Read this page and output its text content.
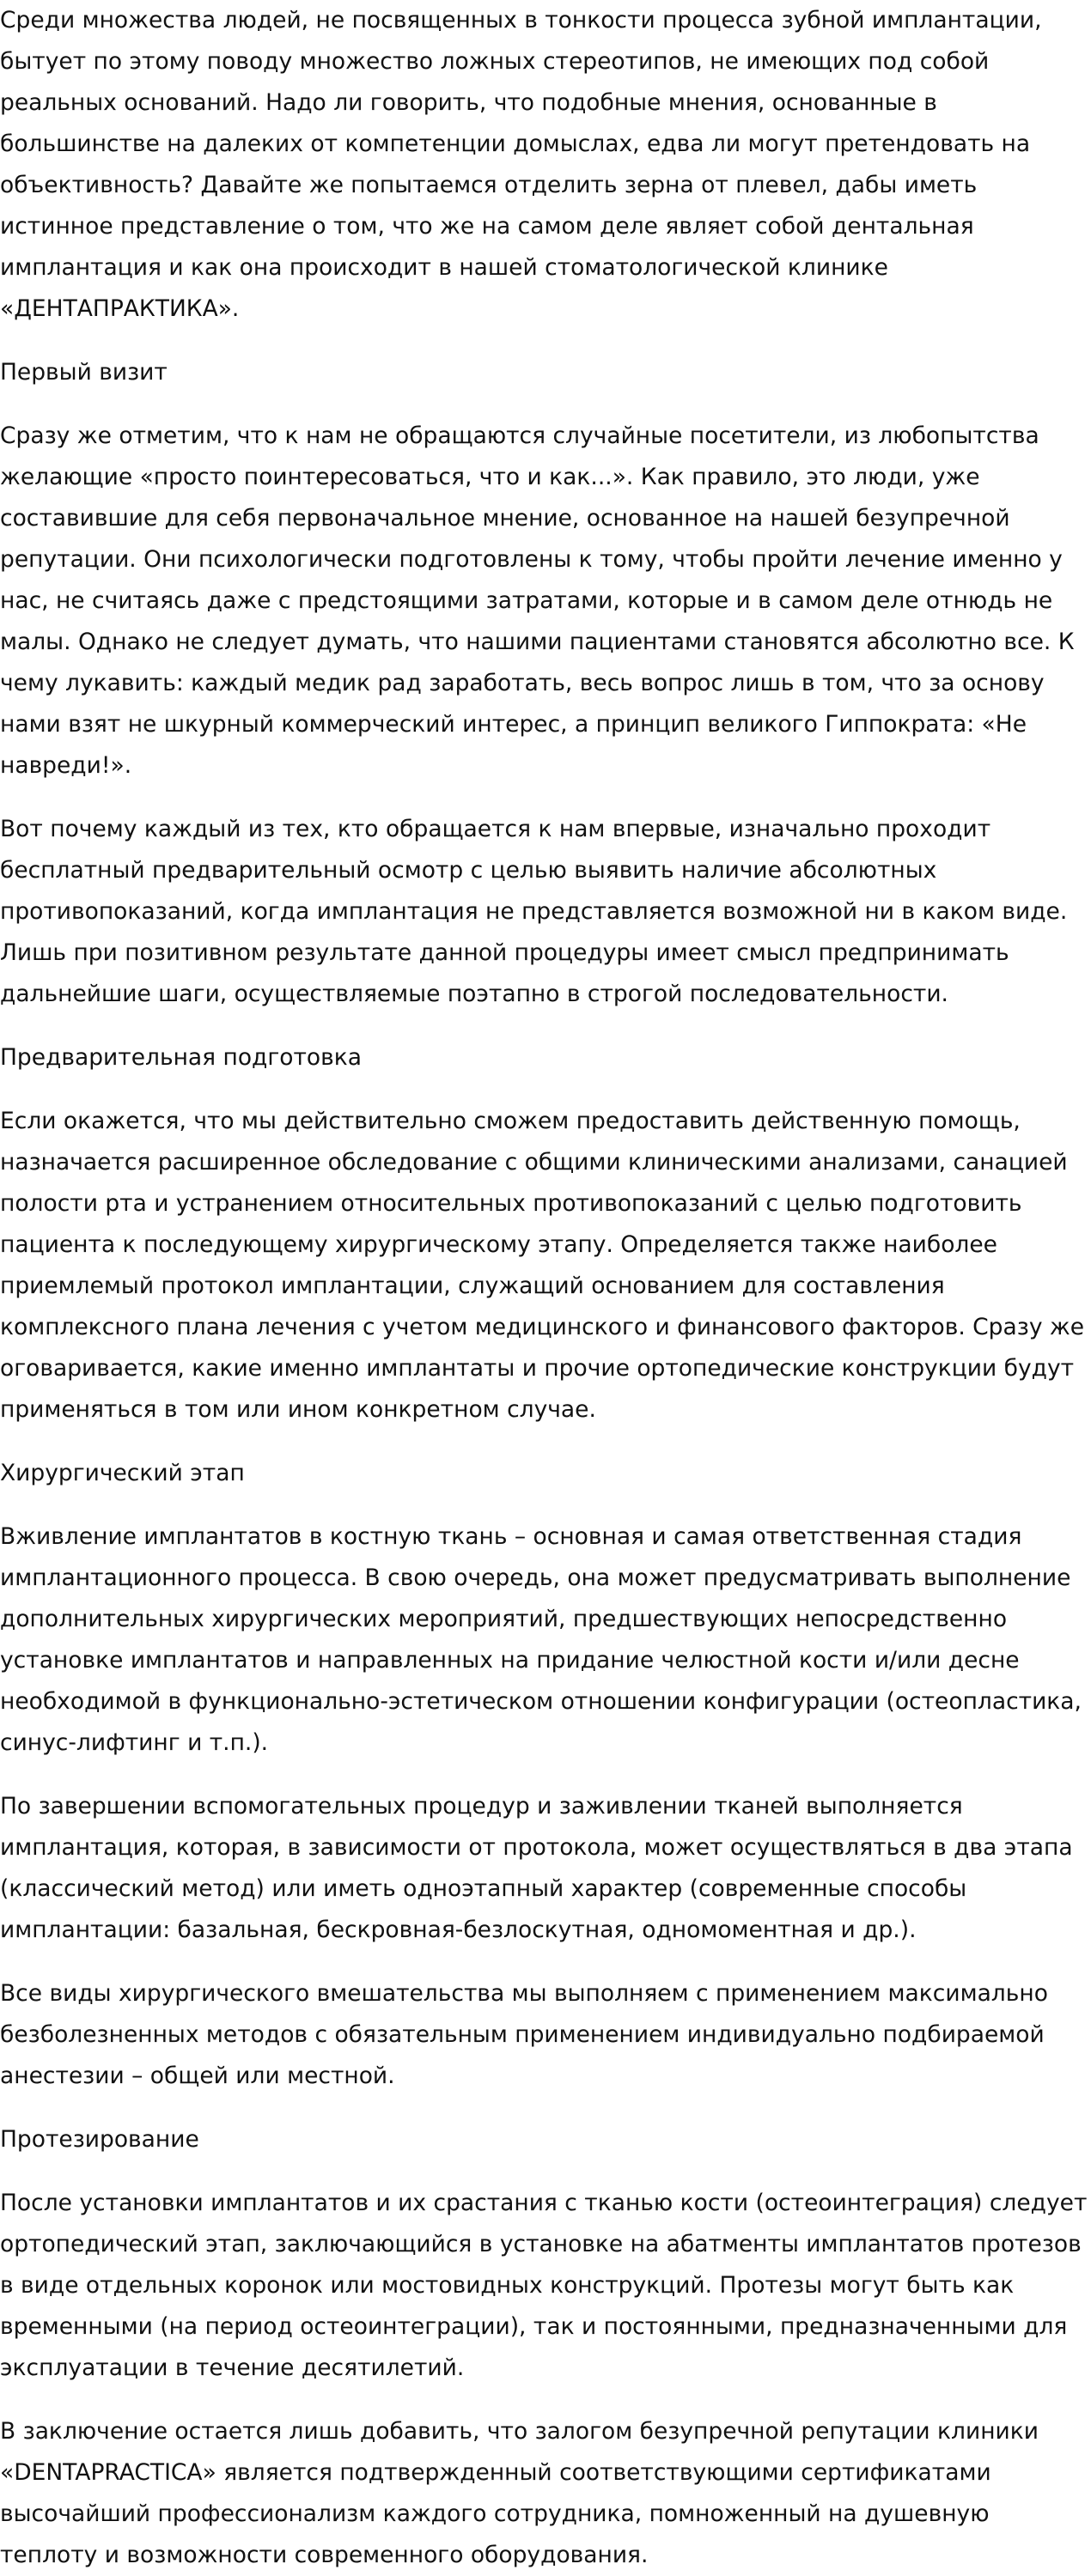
Среди множества людей, не посвященных в тонкости процесса зубной имплантации, бытует по этому поводу множество ложных стереотипов, не имеющих под собой реальных оснований. Надо ли говорить, что подобные мнения, основанные в большинстве на далеких от компетенции домыслах, едва ли могут претендовать на объективность? Давайте же попытаемся отделить зерна от плевел, дабы иметь истинное представление о том, что же на самом деле являет собой дентальная имплантация и как она происходит в нашей стоматологической клинике «ДЕНТАПРАКТИКА».

Первый визит

Сразу же отметим, что к нам не обращаются случайные посетители, из любопытства желающие «просто поинтересоваться, что и как...». Как правило, это люди, уже составившие для себя первоначальное мнение, основанное на нашей безупречной репутации. Они психологически подготовлены к тому, чтобы пройти лечение именно у нас, не считаясь даже с предстоящими затратами, которые и в самом деле отнюдь не малы. Однако не следует думать, что нашими пациентами становятся абсолютно все. К чему лукавить: каждый медик рад заработать, весь вопрос лишь в том, что за основу нами взят не шкурный коммерческий интерес, а принцип великого Гиппократа: «Не навреди!».

Вот почему каждый из тех, кто обращается к нам впервые, изначально проходит бесплатный предварительный осмотр с целью выявить наличие абсолютных противопоказаний, когда имплантация не представляется возможной ни в каком виде. Лишь при позитивном результате данной процедуры имеет смысл предпринимать дальнейшие шаги, осуществляемые поэтапно в строгой последовательности.

Предварительная подготовка

Если окажется, что мы действительно сможем предоставить действенную помощь, назначается расширенное обследование с общими клиническими анализами, санацией полости рта и устранением относительных противопоказаний с целью подготовить пациента к последующему хирургическому этапу. Определяется также наиболее приемлемый протокол имплантации, служащий основанием для составления комплексного плана лечения с учетом медицинского и финансового факторов. Сразу же оговаривается, какие именно имплантаты и прочие ортопедические конструкции будут применяться в том или ином конкретном случае.

Хирургический этап

Вживление имплантатов в костную ткань – основная и самая ответственная стадия имплантационного процесса. В свою очередь, она может предусматривать выполнение дополнительных хирургических мероприятий, предшествующих непосредственно установке имплантатов и направленных на придание челюстной кости и/или десне необходимой в функционально-эстетическом отношении конфигурации (остеопластика, синус-лифтинг и т.п.).

По завершении вспомогательных процедур и заживлении тканей выполняется имплантация, которая, в зависимости от протокола, может осуществляться в два этапа (классический метод) или иметь одноэтапный характер (современные способы имплантации: базальная, бескровная-безлоскутная, одномоментная и др.).

Все виды хирургического вмешательства мы выполняем с применением максимально безболезненных методов с обязательным применением индивидуально подбираемой анестезии – общей или местной.

Протезирование

После установки имплантатов и их срастания с тканью кости (остеоинтеграция) следует ортопедический этап, заключающийся в установке на абатменты имплантатов протезов в виде отдельных коронок или мостовидных конструкций. Протезы могут быть как временными (на период остеоинтеграции), так и постоянными, предназначенными для эксплуатации в течение десятилетий.

В заключение остается лишь добавить, что залогом безупречной репутации клиники «DENTAPRACTICA» является подтвержденный соответствующими сертификатами высочайший профессионализм каждого сотрудника, помноженный на душевную теплоту и возможности современного оборудования.
